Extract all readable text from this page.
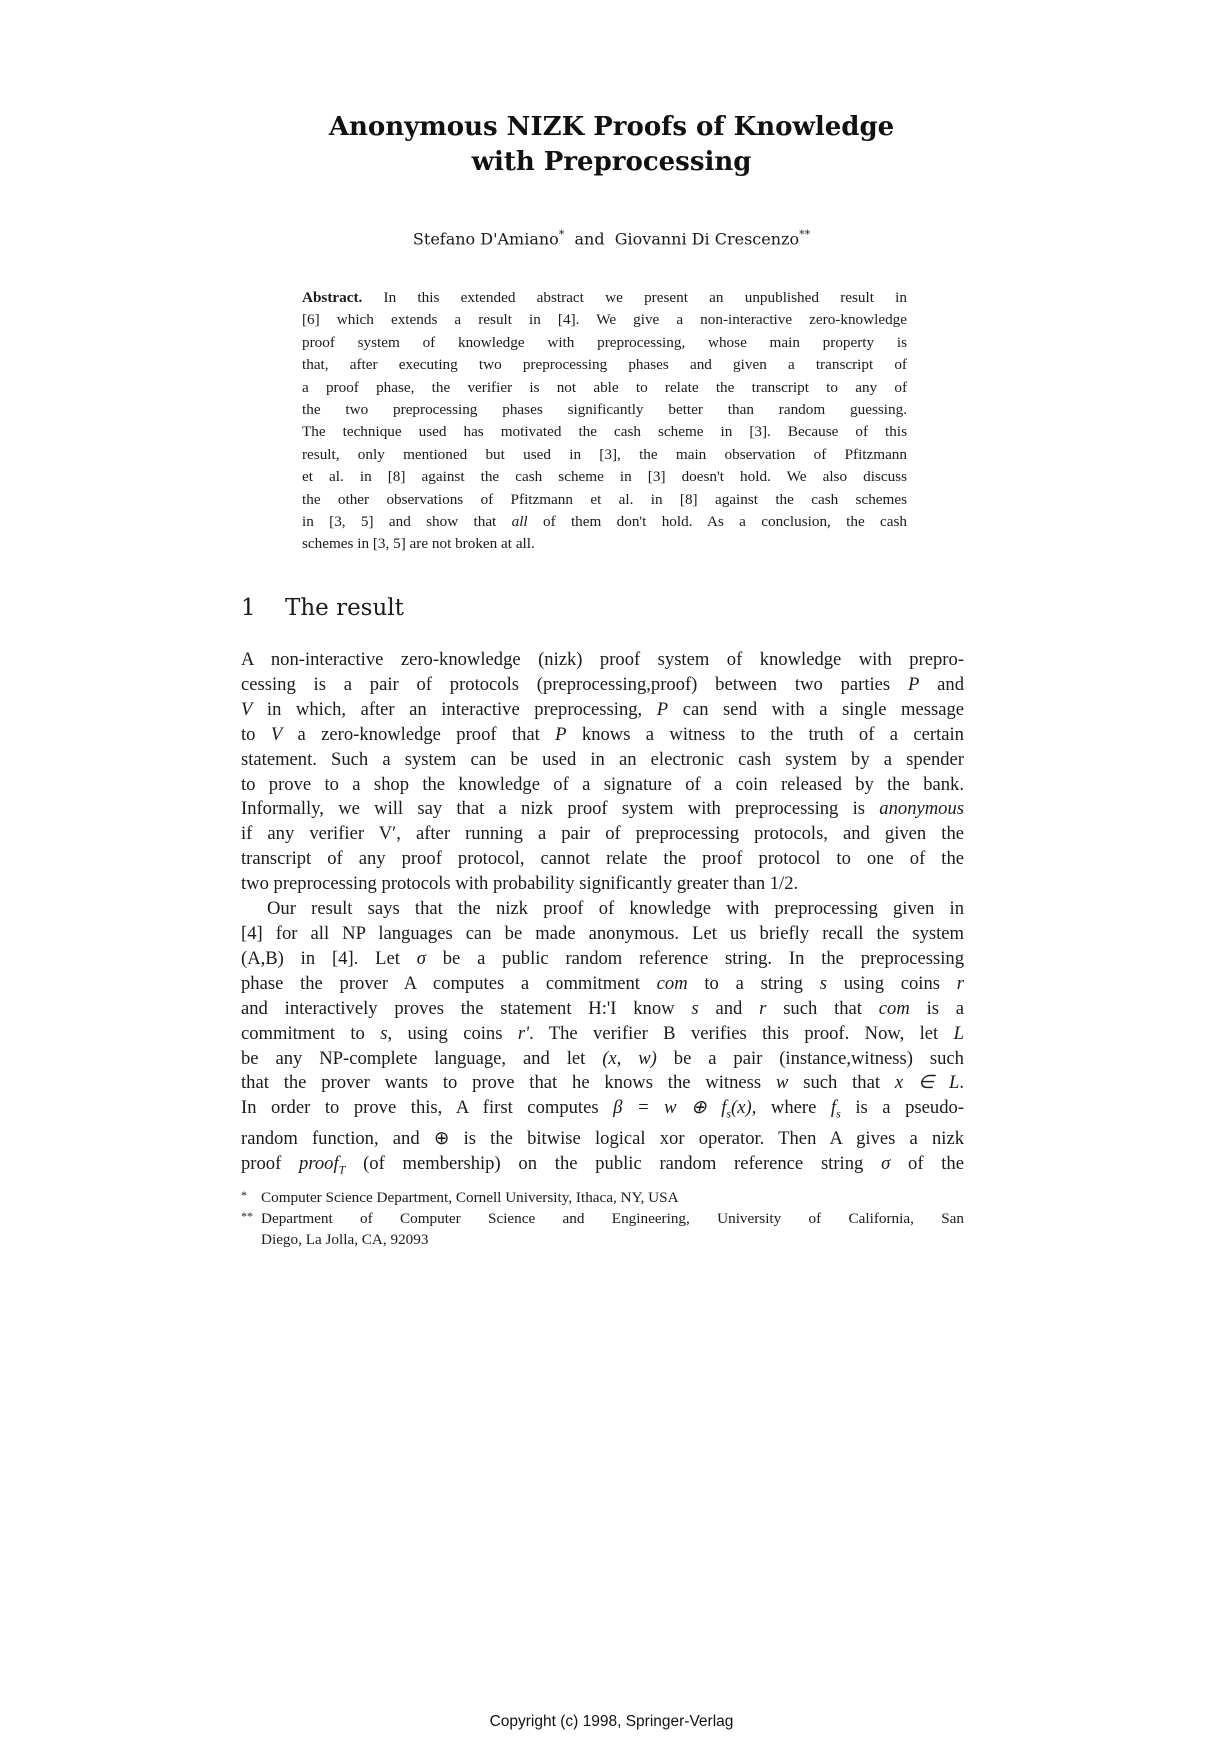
Anonymous NIZK Proofs of Knowledge
with Preprocessing
Stefano D'Amiano* and Giovanni Di Crescenzo**
Abstract. In this extended abstract we present an unpublished result in
[6] which extends a result in [4]. We give a non-interactive zero-knowledge
proof system of knowledge with preprocessing, whose main property is
that, after executing two preprocessing phases and given a transcript of
a proof phase, the verifier is not able to relate the transcript to any of
the two preprocessing phases significantly better than random guessing.
The technique used has motivated the cash scheme in [3]. Because of this
result, only mentioned but used in [3], the main observation of Pfitzmann
et al. in [8] against the cash scheme in [3] doesn't hold. We also discuss
the other observations of Pfitzmann et al. in [8] against the cash schemes
in [3, 5] and show that all of them don't hold. As a conclusion, the cash
schemes in [3, 5] are not broken at all.
1 The result
A non-interactive zero-knowledge (nizk) proof system of knowledge with prepro-
cessing is a pair of protocols (preprocessing,proof) between two parties P and
V in which, after an interactive preprocessing, P can send with a single message
to V a zero-knowledge proof that P knows a witness to the truth of a certain
statement. Such a system can be used in an electronic cash system by a spender
to prove to a shop the knowledge of a signature of a coin released by the bank.
Informally, we will say that a nizk proof system with preprocessing is anonymous
if any verifier V′, after running a pair of preprocessing protocols, and given the
transcript of any proof protocol, cannot relate the proof protocol to one of the
two preprocessing protocols with probability significantly greater than 1/2.
Our result says that the nizk proof of knowledge with preprocessing given in
[4] for all NP languages can be made anonymous. Let us briefly recall the system
(A,B) in [4]. Let σ be a public random reference string. In the preprocessing
phase the prover A computes a commitment com to a string s using coins r
and interactively proves the statement H:'I know s and r such that com is a
commitment to s, using coins r'. The verifier B verifies this proof. Now, let L
be any NP-complete language, and let (x, w) be a pair (instance,witness) such
that the prover wants to prove that he knows the witness w such that x ∈ L.
In order to prove this, A first computes β = w ⊕ $f_s(x)$, where $f_s$ is a pseudo-
random function, and ⊕ is the bitwise logical xor operator. Then A gives a nizk
proof proof$_T$ (of membership) on the public random reference string σ of the
* Computer Science Department, Cornell University, Ithaca, NY, USA
** Department of Computer Science and Engineering, University of California, San
Diego, La Jolla, CA, 92093
Copyright (c) 1998, Springer-Verlag
